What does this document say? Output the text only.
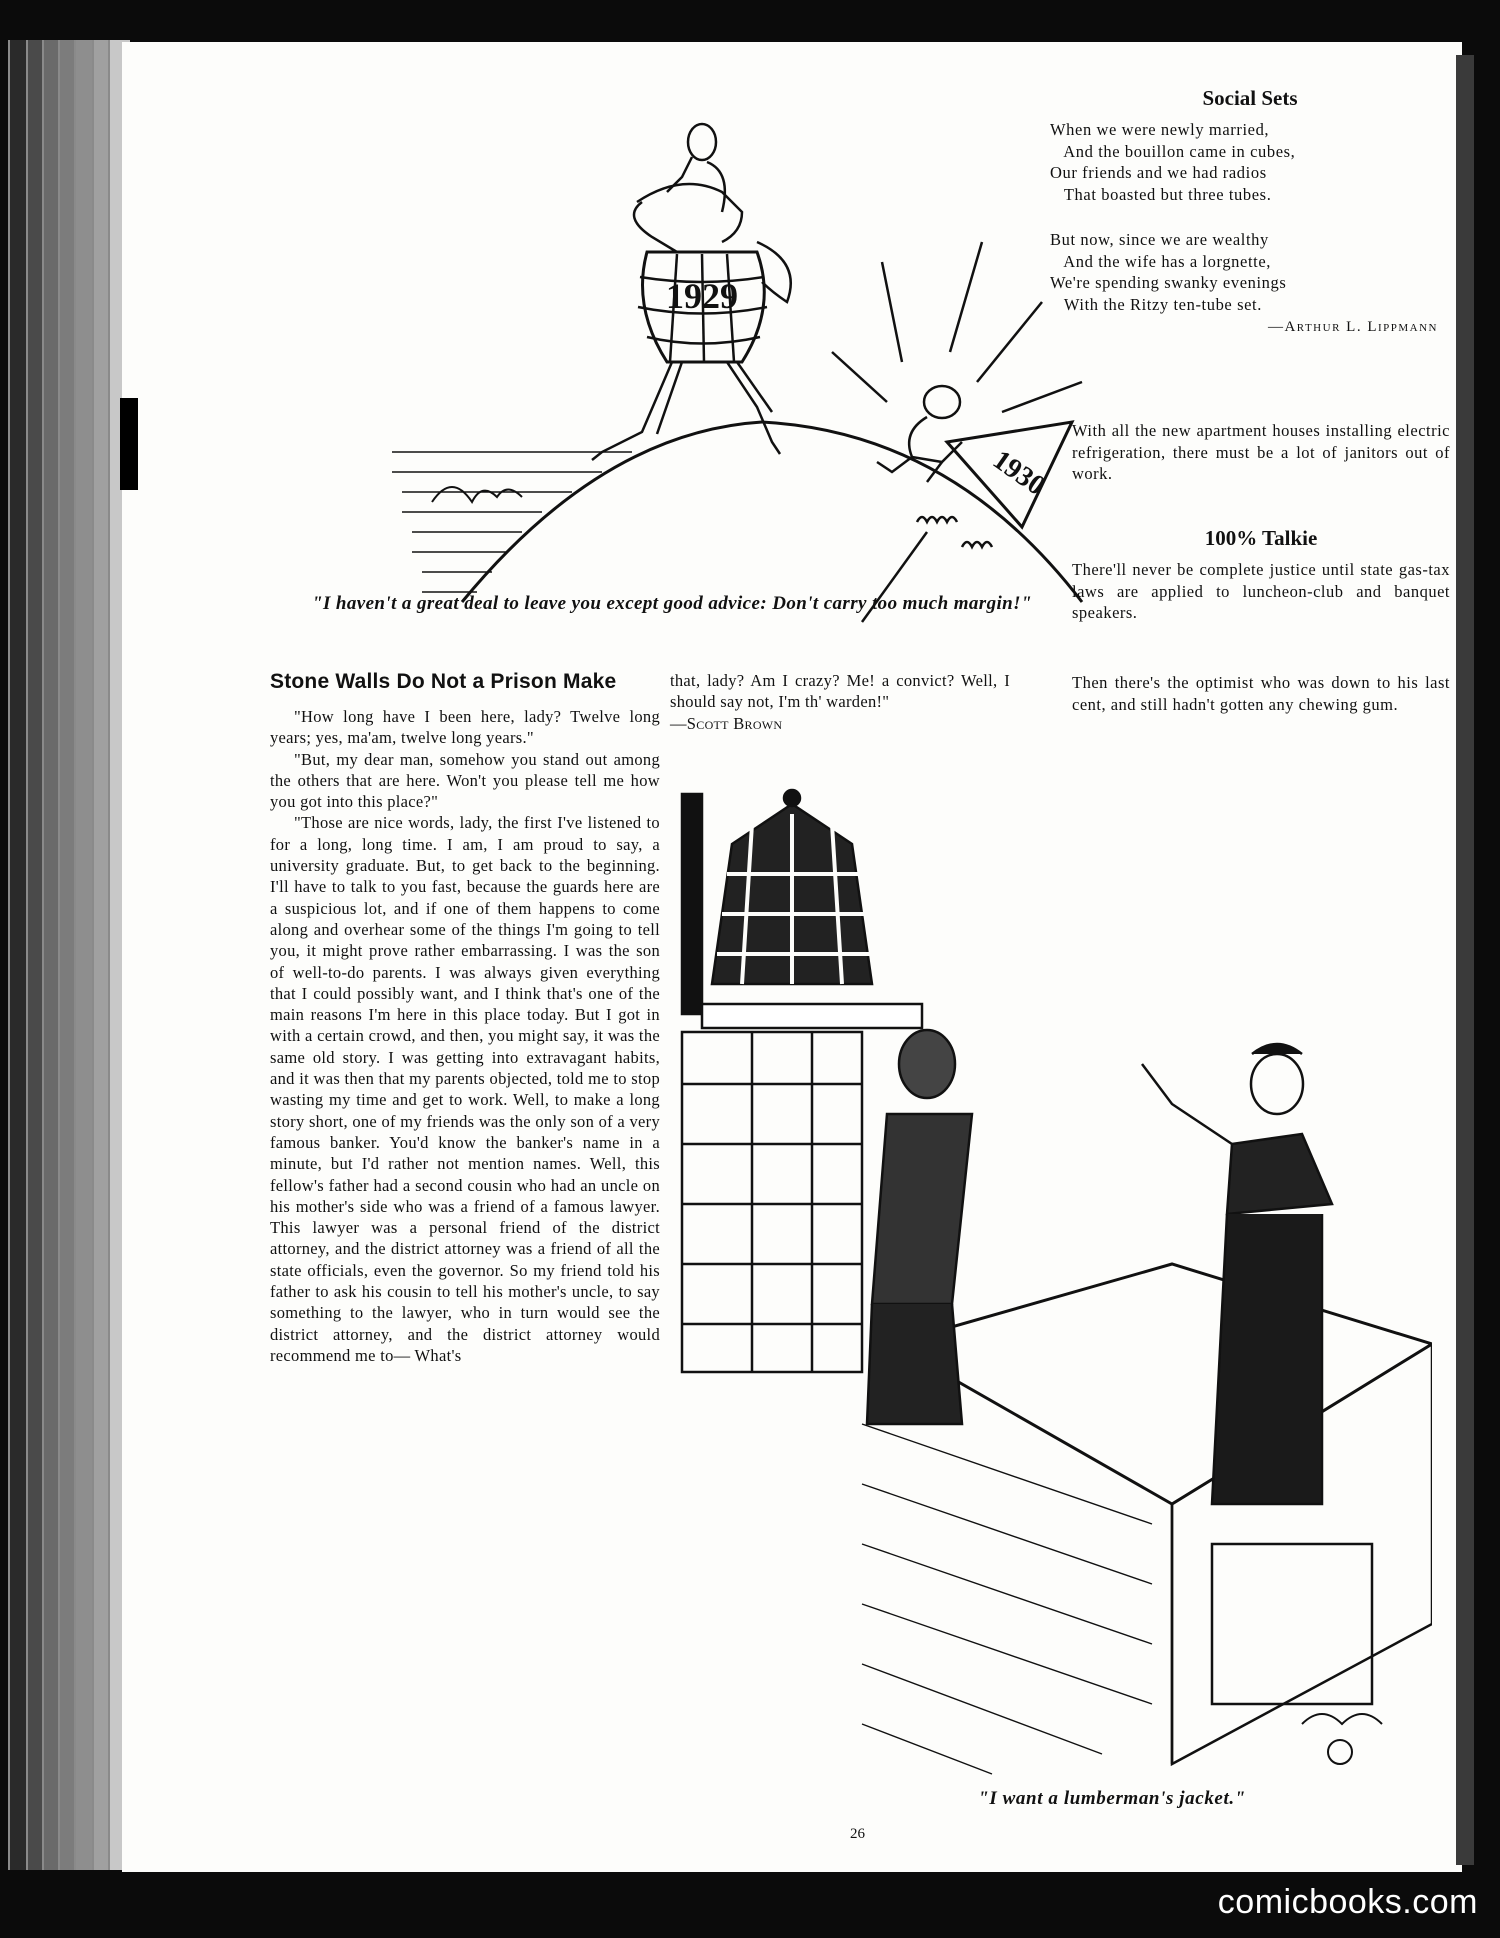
1929
1930
"I haven't a great deal to leave you except good advice: Don't carry too much margin!"
Social Sets
When we were newly married,
And the bouillon came in cubes,
Our friends and we had radios
That boasted but three tubes.
But now, since we are wealthy
And the wife has a lorgnette,
We're spending swanky evenings
With the Ritzy ten-tube set.
—Arthur L. Lippmann
With all the new apartment houses installing electric refrigeration, there must be a lot of janitors out of work.
100% Talkie
There'll never be complete justice until state gas-tax laws are applied to luncheon-club and banquet speakers.
Then there's the optimist who was down to his last cent, and still hadn't gotten any chewing gum.
Stone Walls Do Not a Prison Make

"How long have I been here, lady? Twelve long years; yes, ma'am, twelve long years."

"But, my dear man, somehow you stand out among the others that are here. Won't you please tell me how you got into this place?"

"Those are nice words, lady, the first I've listened to for a long, long time. I am, I am proud to say, a university graduate. But, to get back to the beginning. I'll have to talk to you fast, because the guards here are a suspicious lot, and if one of them happens to come along and overhear some of the things I'm going to tell you, it might prove rather embarrassing. I was the son of well-to-do parents. I was always given everything that I could possibly want, and I think that's one of the main reasons I'm here in this place today. But I got in with a certain crowd, and then, you might say, it was the same old story. I was getting into extravagant habits, and it was then that my parents objected, told me to stop wasting my time and get to work. Well, to make a long story short, one of my friends was the only son of a very famous banker. You'd know the banker's name in a minute, but I'd rather not mention names. Well, this fellow's father had a second cousin who had an uncle on his mother's side who was a friend of a famous lawyer. This lawyer was a personal friend of the district attorney, and the district attorney was a friend of all the state officials, even the governor. So my friend told his father to ask his cousin to tell his mother's uncle, to say something to the lawyer, who in turn would see the district attorney, and the district attorney would recommend me to— What's

that, lady? Am I crazy? Me! a convict? Well, I should say not, I'm th' warden!"

—Scott Brown

"I want a lumberman's jacket."
26
comicbooks.com
